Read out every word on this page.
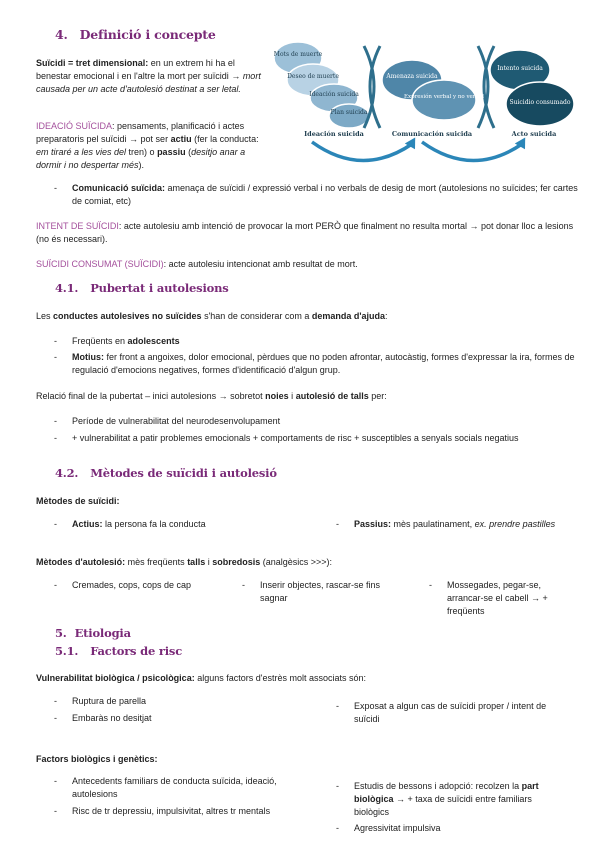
4. Definició i concepte

Suïcidi = tret dimensional: en un extrem hi ha el benestar emocional i en l'altre la mort per suïcidi → mort causada per un acte d'autolesió destinat a ser letal.

IDEACIÓ SUÏCIDA: pensaments, planificació i actes preparatoris pel suïcidi → pot ser actiu (fer la conducta: em tiraré a les vies del tren) o passiu (desitjo anar a dormir i no despertar més).

Mots de muerte
Deseo de muerte
Ideación suicida
Plan suicida
Amenaza suicida
Expresión verbal y no verbal
Intento suicida
Suicidio consumado
Ideación suicida	Comunicación suicida	Acto suicida
-	Comunicació suïcida: amenaça de suïcidi / expressió verbal i no verbals de desig de mort (autolesions no suïcides; fer cartes de comiat, etc)

INTENT DE SUÏCIDI: acte autolesiu amb intenció de provocar la mort PERÒ que finalment no resulta mortal → pot donar lloc a lesions (no és necessari).

SUÏCIDI CONSUMAT (SUÏCIDI): acte autolesiu intencionat amb resultat de mort.

4.1. Pubertat i autolesions

Les conductes autolesives no suïcides s'han de considerar com a demanda d'ajuda:

-	Freqüents en adolescents

-	Motius: fer front a angoixes, dolor emocional, pèrdues que no poden afrontar, autocàstig, formes d'expressar la ira, formes de regulació d'emocions negatives, formes d'identificació d'algun grup.

Relació final de la pubertat – inici autolesions → sobretot noies i autolesió de talls per:

-	Període de vulnerabilitat del neurodesenvolupament

-	+ vulnerabilitat a patir problemes emocionals + comportaments de risc + susceptibles a senyals socials negatius

4.2. Mètodes de suïcidi i autolesió

Mètodes de suïcidi:

-	Actius: la persona fa la conducta	-	Passius: mès paulatinament, ex. prendre pastilles

Mètodes d'autolesió: mès freqüents talls i sobredosis (analgèsics >>>):

-	Cremades, cops, cops de cap	-	Inserir objectes, rascar-se fins sagnar

-	Mossegades, pegar-se, arrancar-se el cabell → + freqüents

5. Etiologia
5.1. Factors de risc

Vulnerabilitat biològica / psicològica: alguns factors d'estrès molt associats són:

-	Ruptura de parella

-	Embaràs no desitjat

-	Exposat a algun cas de suïcidi proper / intent de suïcidi

Factors biològics i genètics:

-	Antecedents familiars de conducta suïcida, ideació, autolesions

-	Risc de tr depressiu, impulsivitat, altres tr mentals

-	Estudis de bessons i adopció: recolzen la part biològica → + taxa de suïcidi entre familiars biològics

-	Agressivitat impulsiva
